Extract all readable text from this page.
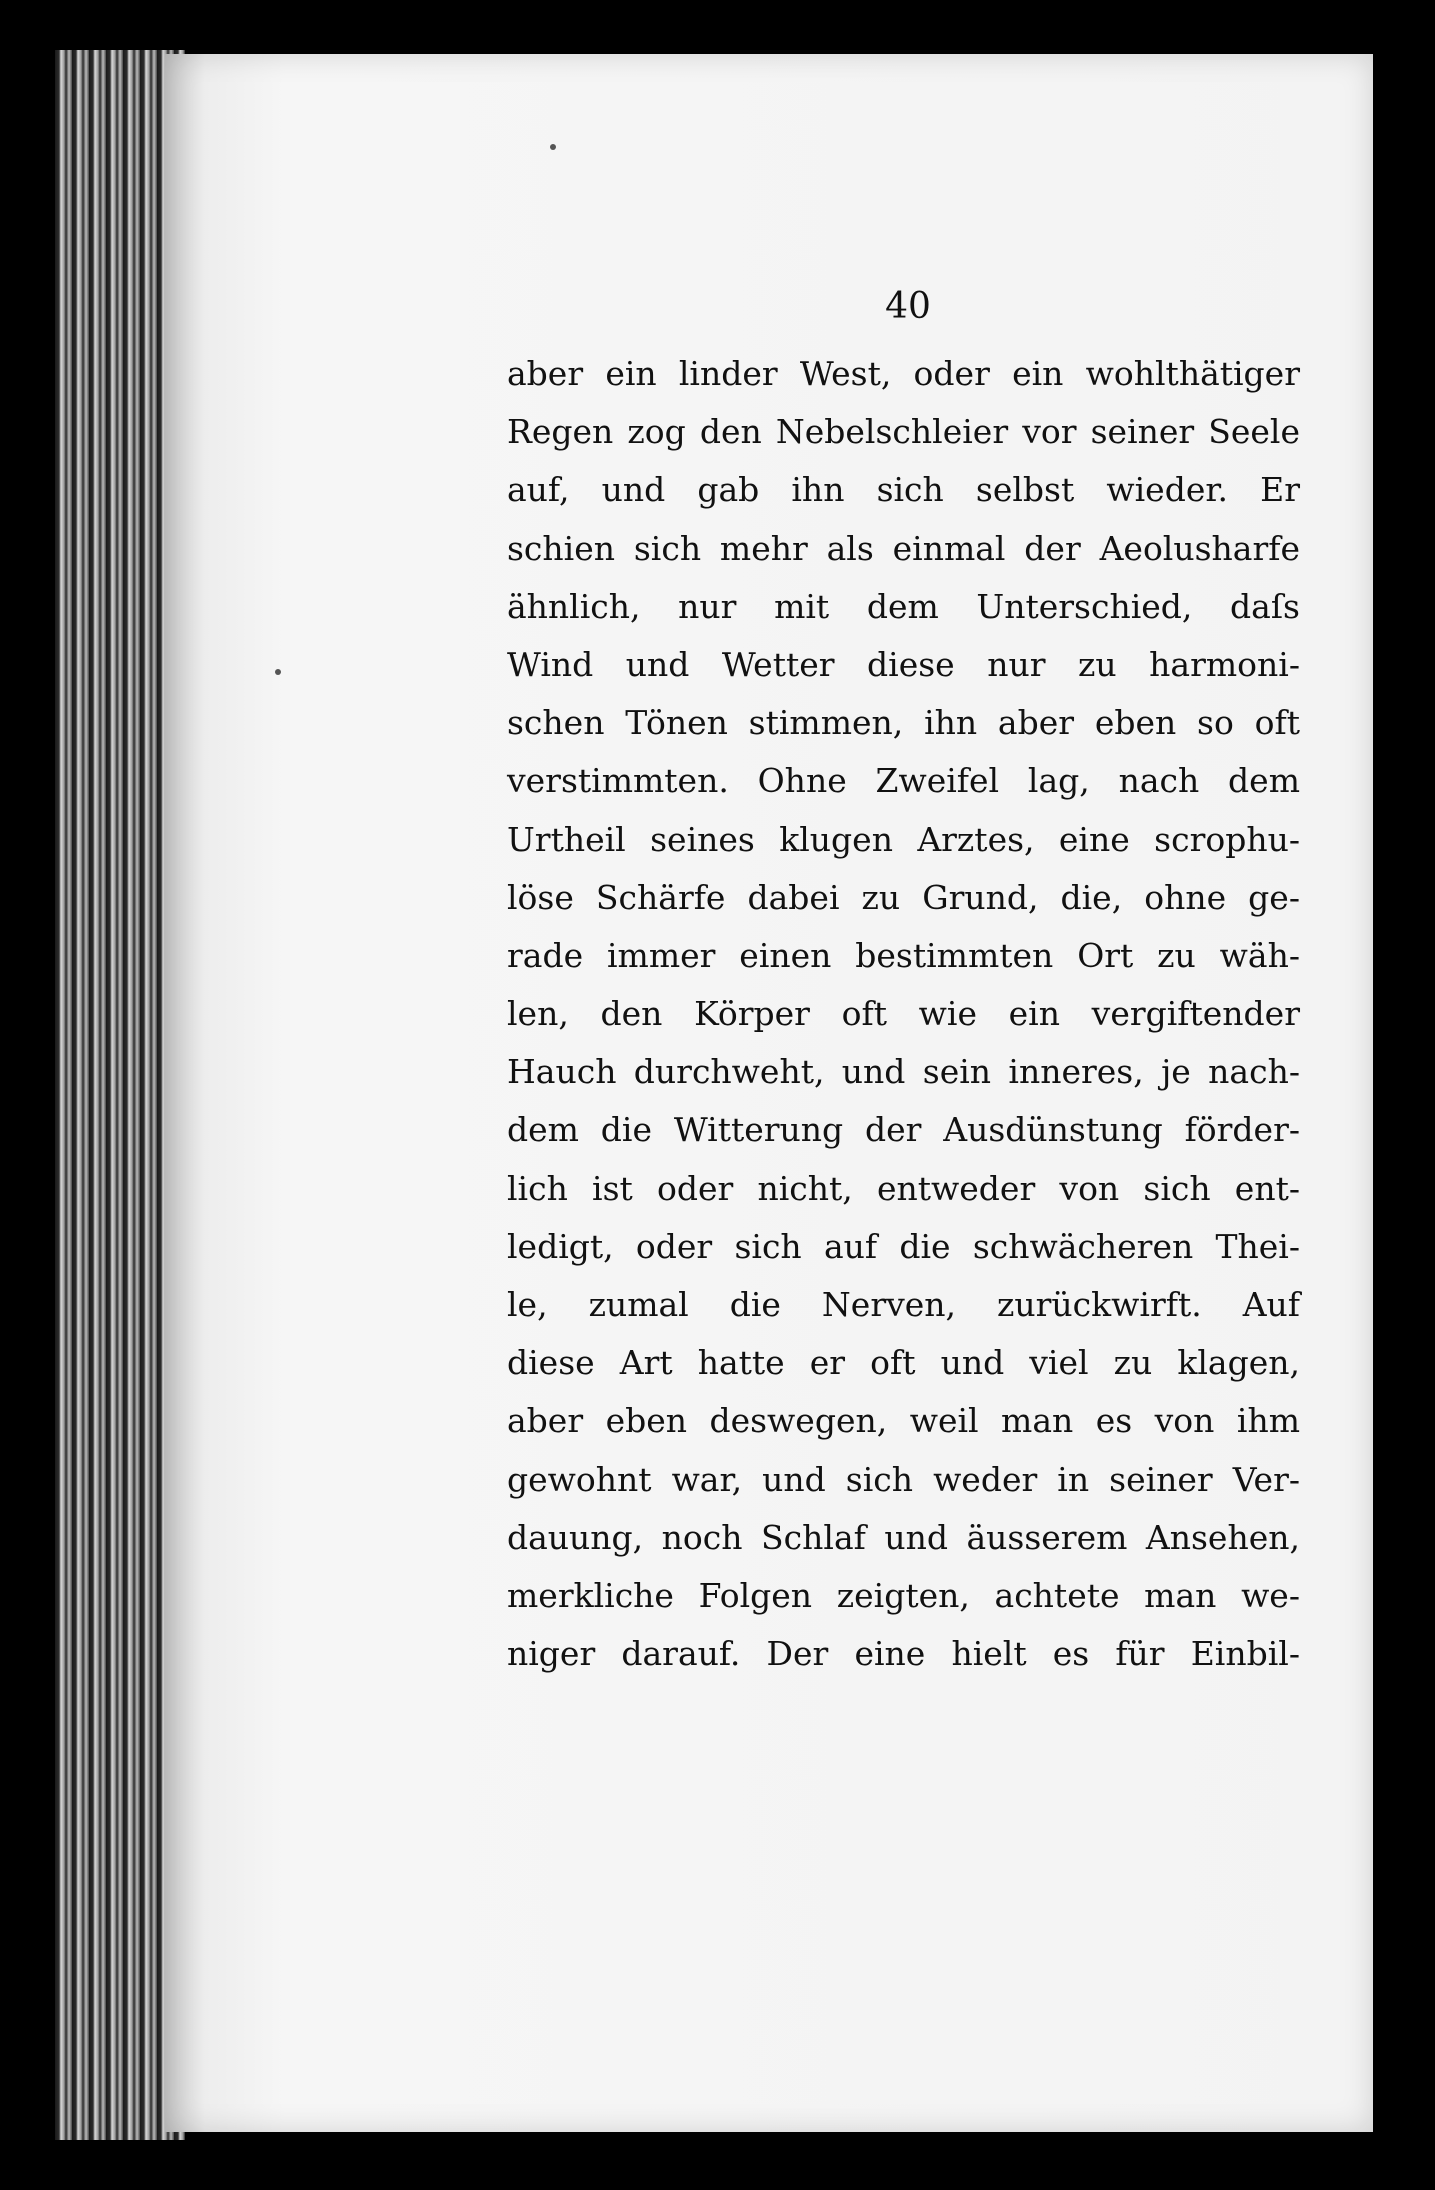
40
aber ein linder West, oder ein wohlthätiger
Regen zog den Nebelschleier vor seiner Seele
auf, und gab ihn sich selbst wieder. Er
schien sich mehr als einmal der Aeolusharfe
ähnlich, nur mit dem Unterschied, daſs
Wind und Wetter diese nur zu harmoni-
schen Tönen stimmen, ihn aber eben so oft
verstimmten. Ohne Zweifel lag, nach dem
Urtheil seines klugen Arztes, eine scrophu-
löse Schärfe dabei zu Grund, die, ohne ge-
rade immer einen bestimmten Ort zu wäh-
len, den Körper oft wie ein vergiftender
Hauch durchweht, und sein inneres, je nach-
dem die Witterung der Ausdünstung förder-
lich ist oder nicht, entweder von sich ent-
ledigt, oder sich auf die schwächeren Thei-
le, zumal die Nerven, zurückwirft. Auf
diese Art hatte er oft und viel zu klagen,
aber eben deswegen, weil man es von ihm
gewohnt war, und sich weder in seiner Ver-
dauung, noch Schlaf und äusserem Ansehen,
merkliche Folgen zeigten, achtete man we-
niger darauf. Der eine hielt es für Einbil-
